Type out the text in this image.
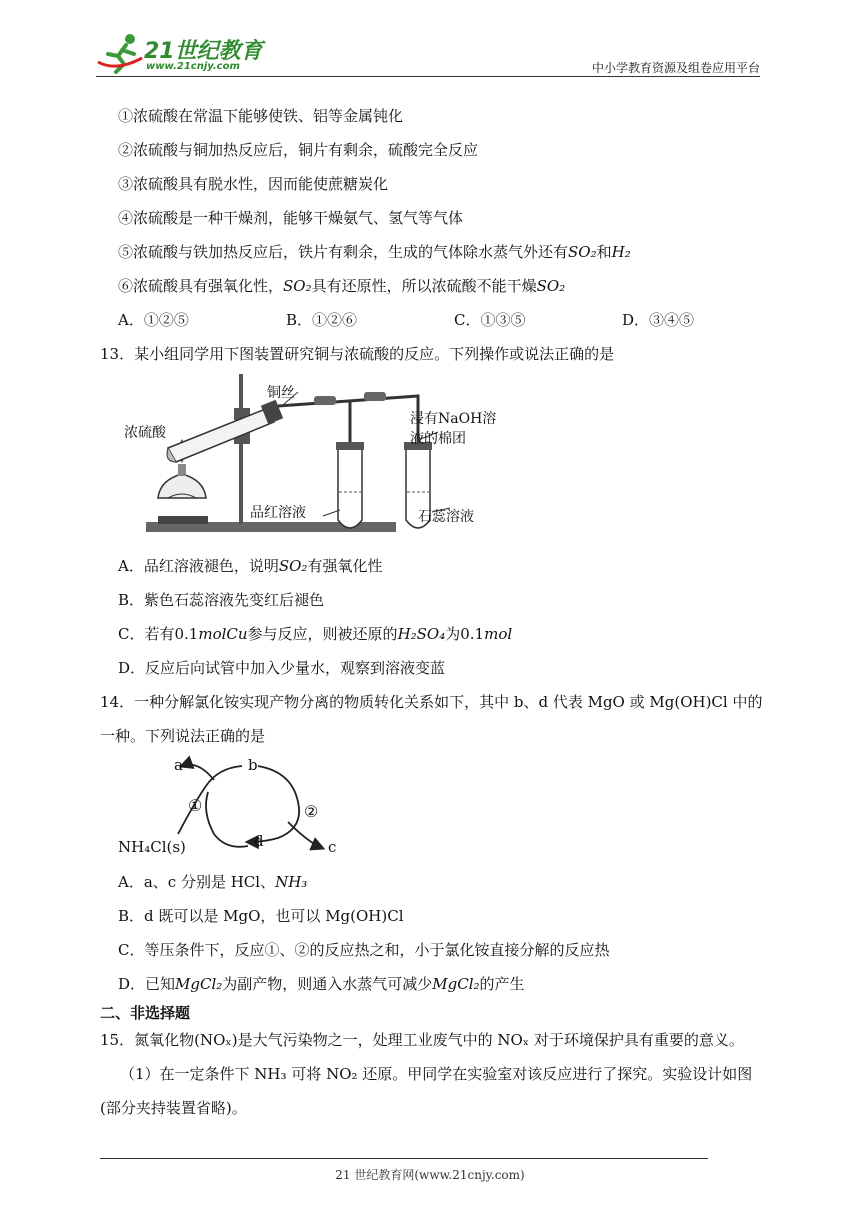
21世纪教育
www.21cnjy.com	中小学教育资源及组卷应用平台
①浓硫酸在常温下能够使铁、铝等金属钝化
②浓硫酸与铜加热反应后，铜片有剩余，硫酸完全反应
③浓硫酸具有脱水性，因而能使蔗糖炭化
④浓硫酸是一种干燥剂，能够干燥氨气、氢气等气体
⑤浓硫酸与铁加热反应后，铁片有剩余，生成的气体除水蒸气外还有SO₂和H₂
⑥浓硫酸具有强氧化性，SO₂具有还原性，所以浓硫酸不能干燥SO₂
A．①②⑤	B．①②⑥	C．①③⑤	D．③④⑤
13．某小组同学用下图装置研究铜与浓硫酸的反应。下列操作或说法正确的是
铜丝
浓硫酸
浸有NaOH溶
液的棉团
品红溶液	石蕊溶液
A．品红溶液褪色，说明SO₂有强氧化性
B．紫色石蕊溶液先变红后褪色
C．若有0.1molCu参与反应，则被还原的H₂SO₄为0.1mol
D．反应后向试管中加入少量水，观察到溶液变蓝
14．一种分解氯化铵实现产物分离的物质转化关系如下，其中 b、d 代表 MgO 或 Mg(OH)Cl 中的
一种。下列说法正确的是
a	b
①	②
NH₄Cl(s)	d	c
A．a、c 分别是 HCl、NH₃
B．d 既可以是 MgO，也可以 Mg(OH)Cl
C．等压条件下，反应①、②的反应热之和，小于氯化铵直接分解的反应热
D．已知MgCl₂为副产物，则通入水蒸气可减少MgCl₂的产生
二、非选择题
15．氮氧化物(NOₓ)是大气污染物之一，处理工业废气中的 NOₓ 对于环境保护具有重要的意义。
（1）在一定条件下 NH₃ 可将 NO₂ 还原。甲同学在实验室对该反应进行了探究。实验设计如图
(部分夹持装置省略)。
21 世纪教育网(www.21cnjy.com)
